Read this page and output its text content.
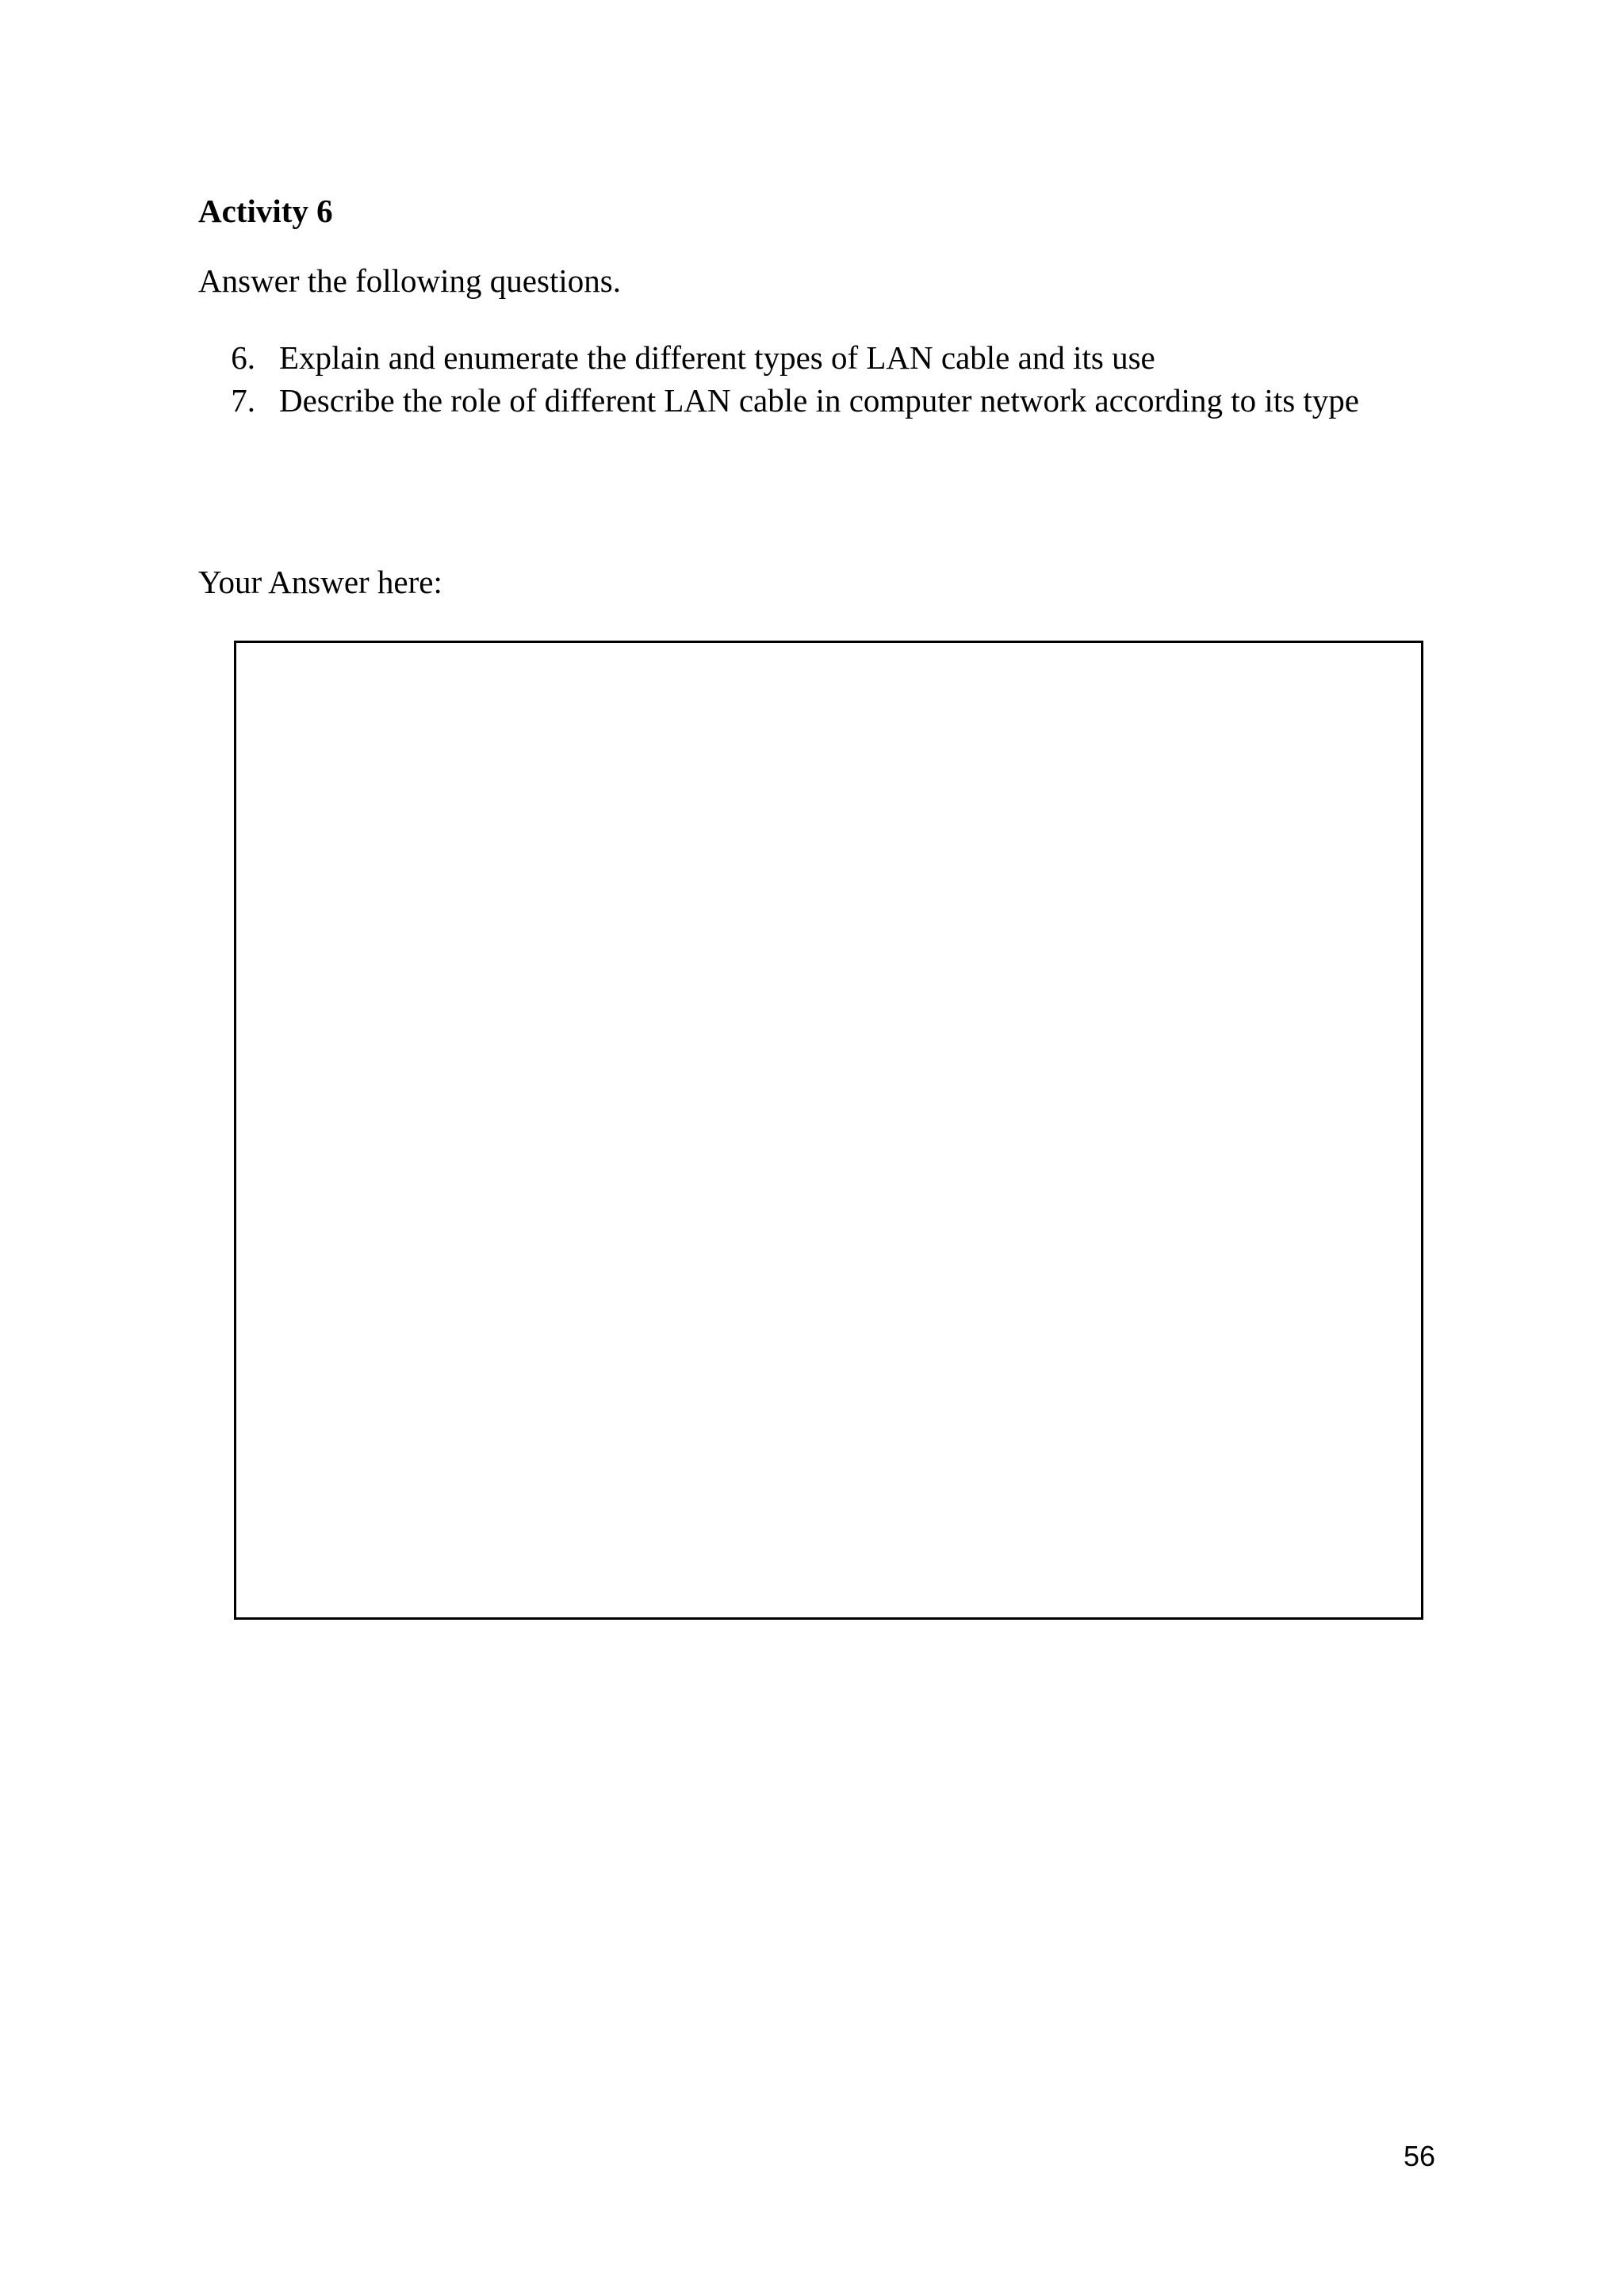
Activity 6
Answer the following questions.
6. Explain and enumerate the different types of LAN cable and its use
7. Describe the role of different LAN cable in computer network according to its type
Your Answer here:
56
